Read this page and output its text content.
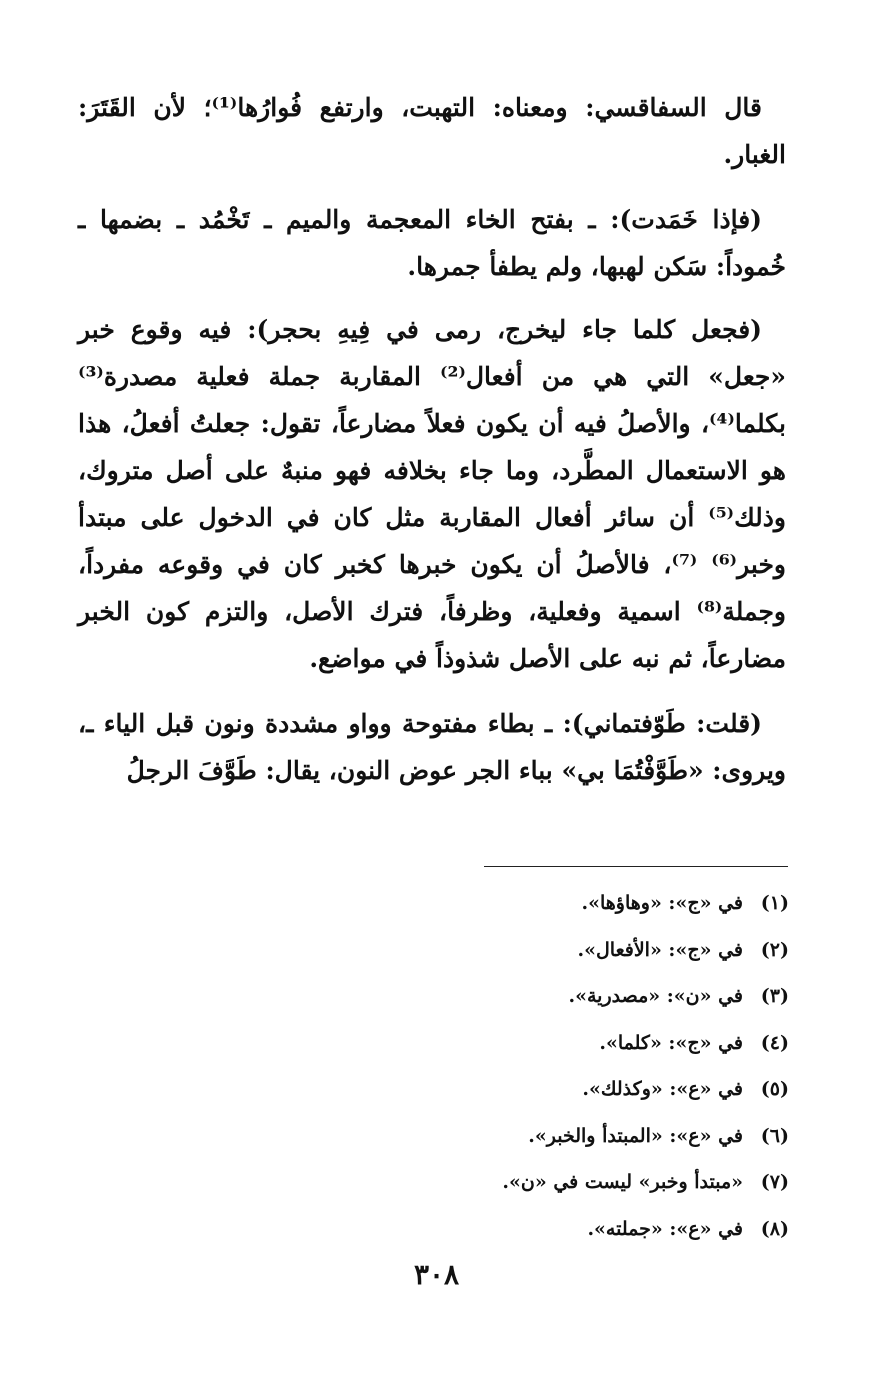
قال السفاقسي: ومعناه: التهبت، وارتفع فُوارُها⁽¹⁾؛ لأن القَتَرَ: الغبار.

(فإذا خَمَدت): ـ بفتح الخاء المعجمة والميم ـ تَخْمُد ـ بضمها ـ خُموداً: سَكن لهبها، ولم يطفأ جمرها.

(فجعل كلما جاء ليخرج، رمى في فِيهِ بحجر): فيه وقوع خبر «جعل» التي هي من أفعال⁽²⁾ المقاربة جملة فعلية مصدرة⁽³⁾ بكلما⁽⁴⁾، والأصلُ فيه أن يكون فعلاً مضارعاً، تقول: جعلتُ أفعلُ، هذا هو الاستعمال المطَّرد، وما جاء بخلافه فهو منبهٌ على أصل متروك، وذلك⁽⁵⁾ أن سائر أفعال المقاربة مثل كان في الدخول على مبتدأ وخبر⁽⁶⁾ ⁽⁷⁾، فالأصلُ أن يكون خبرها كخبر كان في وقوعه مفرداً، وجملة⁽⁸⁾ اسمية وفعلية، وظرفاً، فترك الأصل، والتزم كون الخبر مضارعاً، ثم نبه على الأصل شذوذاً في مواضع.

(قلت: طَوّفتماني): ـ بطاء مفتوحة وواو مشددة ونون قبل الياء ـ، ويروى: «طَوَّفْتُمَا بي» بباء الجر عوض النون، يقال: طَوَّفَ الرجلُ

(١)في «ج»: «وهاؤها».
(٢)في «ج»: «الأفعال».
(٣)في «ن»: «مصدرية».
(٤)في «ج»: «كلما».
(٥)في «ع»: «وكذلك».
(٦)في «ع»: «المبتدأ والخبر».
(٧)«مبتدأ وخبر» ليست في «ن».
(٨)في «ع»: «جملته».
٣٠٨
